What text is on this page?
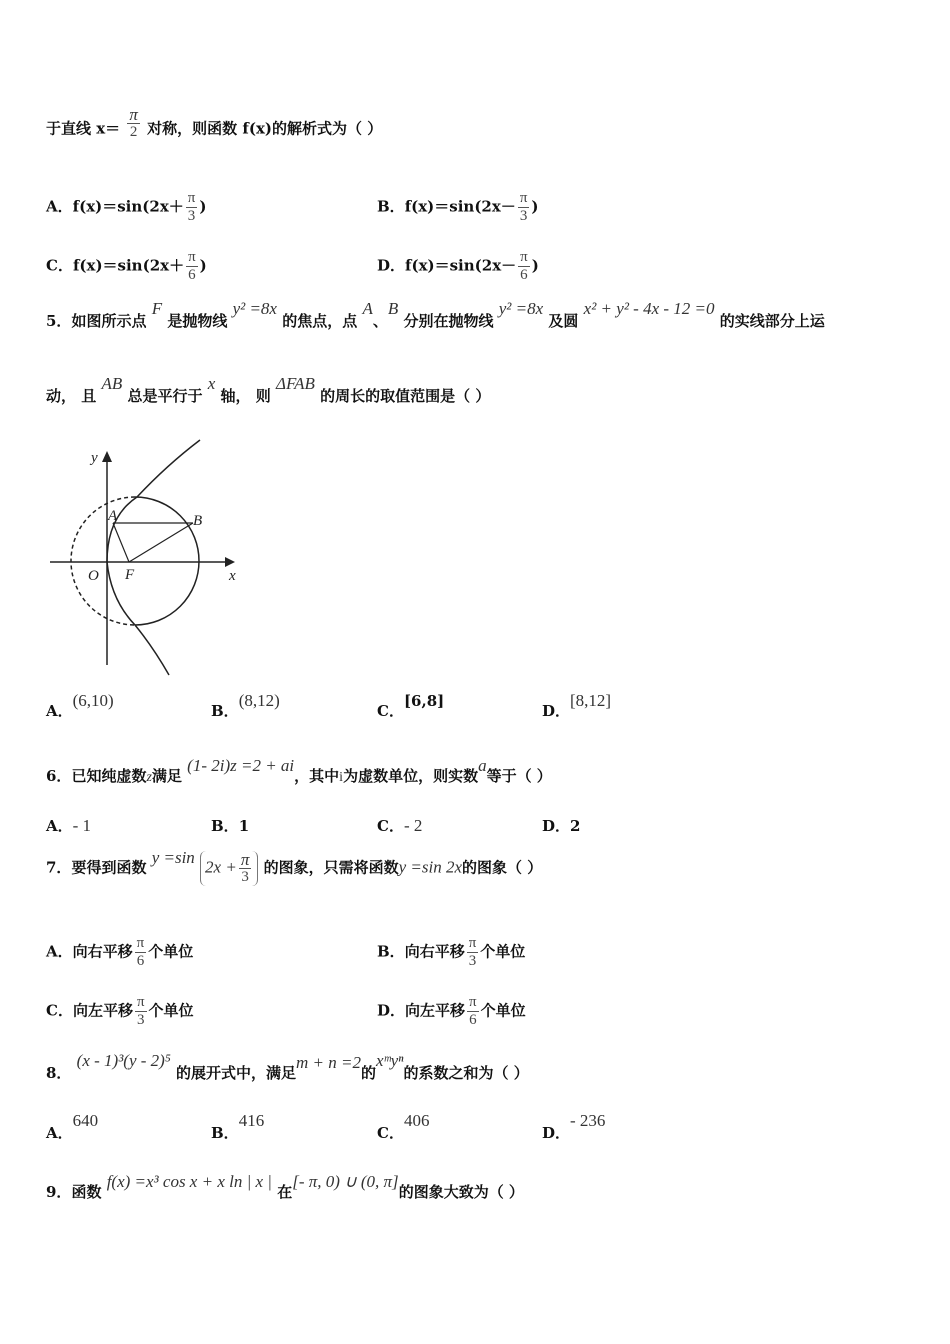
于直线 $x= \frac{\pi}{2}$ 对称，则函数 f(x)的解析式为（ ）
A．$f(x)=\sin(2x+ \frac{\pi}{3}$ )	B．$f(x)=\sin(2x- \frac{\pi}{3}$ )
C．$f(x)=\sin(2x+ \frac{\pi}{6}$ )	D．$f(x)=\sin(2x- \frac{\pi}{6}$ )
5．如图所示点 F 是抛物线 y² =8x 的焦点，点 A、B 分别在抛物线 y² =8x 及圆 x² + y² - 4x - 12 =0 的实线部分上运
动， 且 AB 总是平行于 x 轴， 则 ΔFAB 的周长的取值范围是（ ）
y
x
O F
A	B
A．(6,10)
B．(8,12)
C．[6,8]
D．[8,12]
6．已知纯虚数z满足 (1- 2i)z =2 + ai，其中i为虚数单位，则实数a等于（ ）
A．- 1	B．1	C．- 2	D．2
7．要得到函数 y =sin $2x + \frac{\pi}{3}$ 的图象，只需将函数y =sin 2x的图象（ ）
A．向右平移 $\frac{\pi}{6}$ 个单位	B．向右平移 $\frac{\pi}{3}$ 个单位
C．向左平移 $\frac{\pi}{3}$ 个单位	D．向左平移 $\frac{\pi}{6}$ 个单位
8． (x - 1)³(y - 2)⁵ 的展开式中，满足m + n =2的xᵐyⁿ的系数之和为（ ）
A．640
B．416
C．406
D．- 236
9．函数 f(x) =x³ cos x + x ln | x | 在[- π, 0) ∪ (0, π]的图象大致为（ ）
